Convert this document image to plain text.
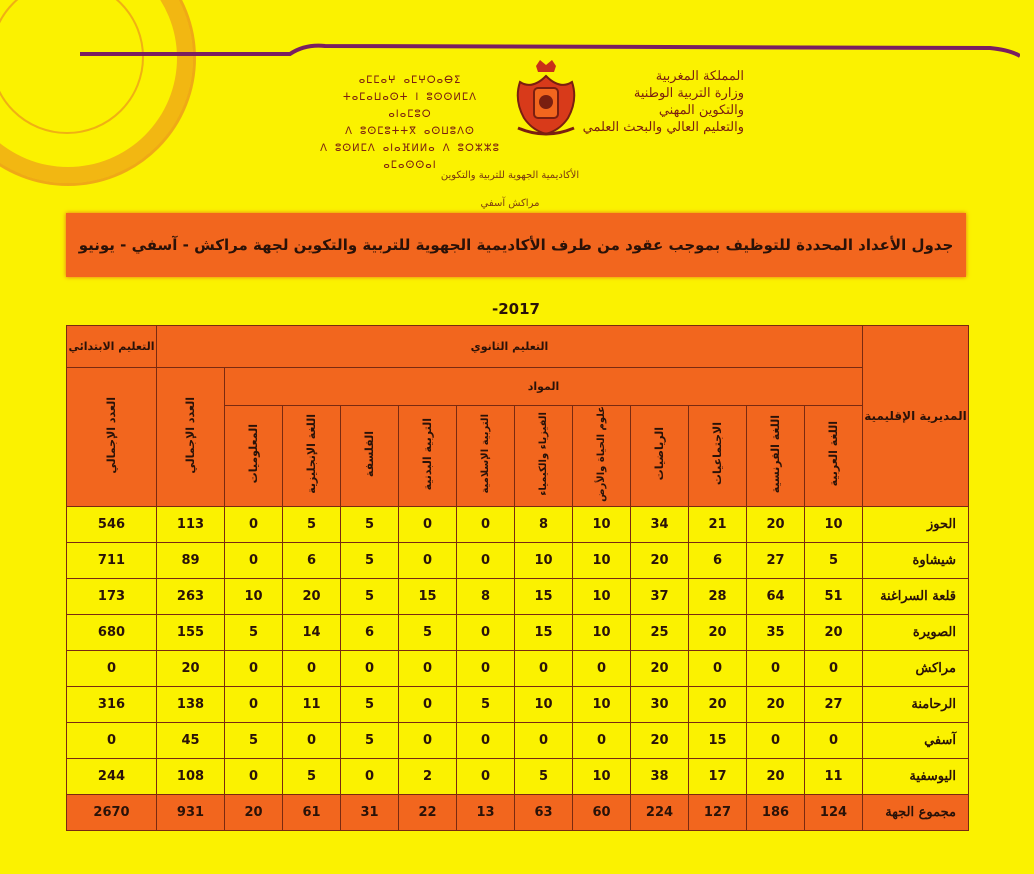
المملكة المغربية
وزارة التربية الوطنية
والتكوين المهني
والتعليم العالي والبحث العلمي
ⴰⵎⵎⴰⵖ ⴰⵎⵖⵔⴰⴱⵉ
ⵜⴰⵎⴰⵡⴰⵙⵜ ⵏ ⵓⵙⵙⵍⵎⴷ ⴰⵏⴰⵎⵓⵔ
ⴷ ⵓⵙⵎⵓⵜⵜⴳ ⴰⵙⵡⵓⴷⵙ
ⴷ ⵓⵙⵍⵎⴷ ⴰⵏⴰⴼⵍⵍⴰ ⴷ ⵓⵔⵣⵣⵓ ⴰⵎⴰⵙⵙⴰⵏ
الأكاديمية الجهوية للتربية والتكوين
مراكش آسفي
جدول الأعداد المحددة للتوظيف بموجب عقود من طرف الأكاديمية الجهوية للتربية والتكوين لجهة مراكش - آسفي - يونيو 2017-
المديرية الإقليمية	التعليم الثانوي												التعليم الابتدائي
	المواد											العدد الإجمالي	العدد الإجمالي
	اللغة العربية	اللغة الفرنسية	الاجتماعيات	الرياضيات	علوم الحياة والأرض	الفيزياء والكيمياء	التربية الإسلامية	التربية البدنية	الفلسفة	اللغة الإنجليزية	المعلوميات		
الحوز	10	20	21	34	10	8	0	0	5	5	0	113	546
شيشاوة	5	27	6	20	10	10	0	0	5	6	0	89	711
قلعة السراغنة	51	64	28	37	10	15	8	15	5	20	10	263	173
الصويرة	20	35	20	25	10	15	0	5	6	14	5	155	680
مراكش	0	0	0	20	0	0	0	0	0	0	0	20	0
الرحامنة	27	20	20	30	10	10	5	0	5	11	0	138	316
آسفي	0	0	15	20	0	0	0	0	5	0	5	45	0
اليوسفية	11	20	17	38	10	5	0	2	0	5	0	108	244
مجموع الجهة	124	186	127	224	60	63	13	22	31	61	20	931	2670
